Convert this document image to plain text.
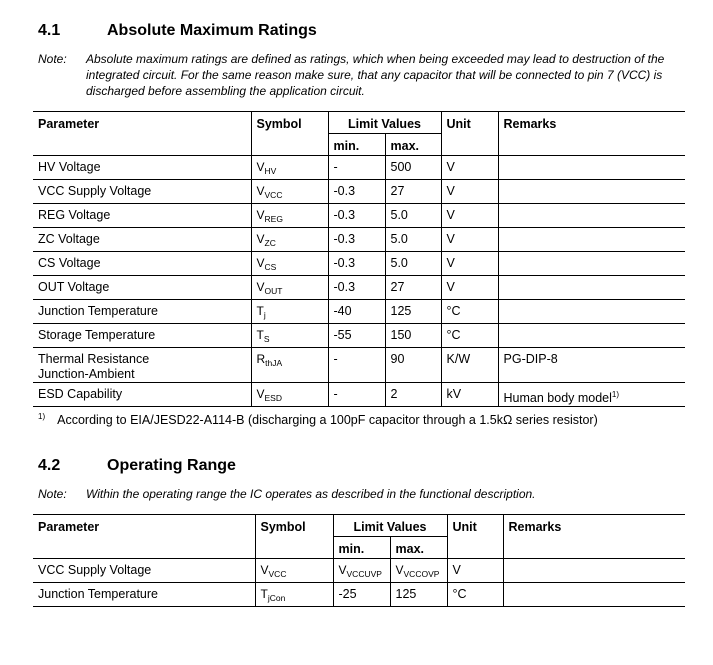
4.1	Absolute Maximum Ratings
Note: Absolute maximum ratings are defined as ratings, which when being exceeded may lead to destruction of the integrated circuit. For the same reason make sure, that any capacitor that will be connected to pin 7 (VCC) is discharged before assembling the application circuit.
Parameter	Symbol	Limit Values		Unit	Remarks
		min.	max.		

HV Voltage	$V_{HV}$	-	500	V	

VCC Supply Voltage	$V_{VCC}$	-0.3	27	V	

REG Voltage	$V_{REG}$	-0.3	5.0	V	

ZC Voltage	$V_{ZC}$	-0.3	5.0	V	

CS Voltage	$V_{CS}$	-0.3	5.0	V	

OUT Voltage	$V_{OUT}$	-0.3	27	V	

Junction Temperature	$T_j$	-40	125	°C	

Storage Temperature	$T_S$	-55	150	°C	

Thermal Resistance
Junction-Ambient	$R_{thJA}$	-	90	K/W	PG-DIP-8

ESD Capability	$V_{ESD}$	-	2	kV	Human body model$^{1)}$
$^{1)}$ According to EIA/JESD22-A114-B (discharging a 100pF capacitor through a 1.5kΩ series resistor)
4.2	Operating Range
Note: Within the operating range the IC operates as described in the functional description.
Parameter	Symbol	Limit Values		Unit	Remarks
		min.	max.		

VCC Supply Voltage	$V_{VCC}$	$V_{VCCUVP}$	$V_{VCCOVP}$	V	

Junction Temperature	$T_{jCon}$	-25	125	°C	
